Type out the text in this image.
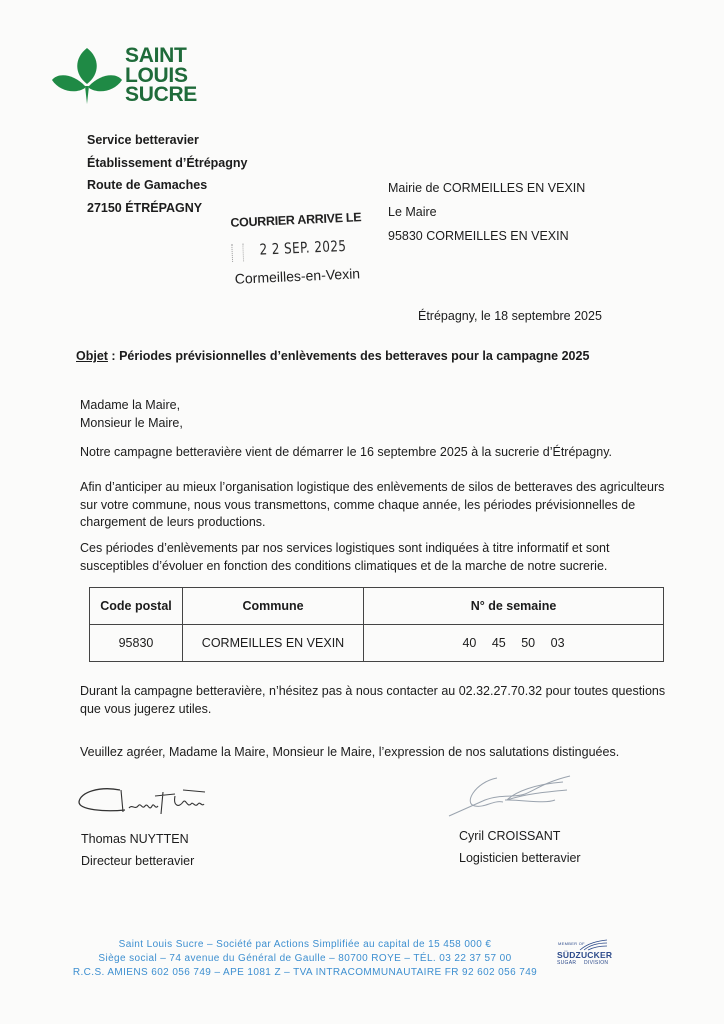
SAINT
LOUIS
SUCRE
Service betteravier
Établissement d’Étrépagny
Route de Gamaches
27150 ÉTRÉPAGNY
Mairie de CORMEILLES EN VEXIN
Le Maire
95830 CORMEILLES EN VEXIN
COURRIER ARRIVE LE
2 2 SEP. 2025
Cormeilles-en-Vexin
Étrépagny, le 18 septembre 2025
Objet : Périodes prévisionnelles d’enlèvements des betteraves pour la campagne 2025
Madame la Maire,
Monsieur le Maire,
Notre campagne betteravière vient de démarrer le 16 septembre 2025 à la sucrerie d’Étrépagny.
Afin d’anticiper au mieux l’organisation logistique des enlèvements de silos de betteraves des agriculteurs sur votre commune, nous vous transmettons, comme chaque année, les périodes prévisionnelles de chargement de leurs productions.
Ces périodes d’enlèvements par nos services logistiques sont indiquées à titre informatif et sont susceptibles d’évoluer en fonction des conditions climatiques et de la marche de notre sucrerie.
Code postal	Commune	N° de semaine
95830	CORMEILLES EN VEXIN	40 45 50 03
Durant la campagne betteravière, n’hésitez pas à nous contacter au 02.32.27.70.32 pour toutes questions que vous jugerez utiles.
Veuillez agréer, Madame la Maire, Monsieur le Maire, l’expression de nos salutations distinguées.
Thomas NUYTTEN
Directeur betteravier
Cyril CROISSANT
Logisticien betteravier
Saint Louis Sucre – Société par Actions Simplifiée au capital de 15 458 000 €
Siège social – 74 avenue du Général de Gaulle – 80700 ROYE – TÉL. 03 22 37 57 00
R.C.S. AMIENS 602 056 749 – APE 1081 Z – TVA INTRACOMMUNAUTAIRE FR 92 602 056 749
MEMBER OF
SÜDZUCKER
SUGAR DIVISION
